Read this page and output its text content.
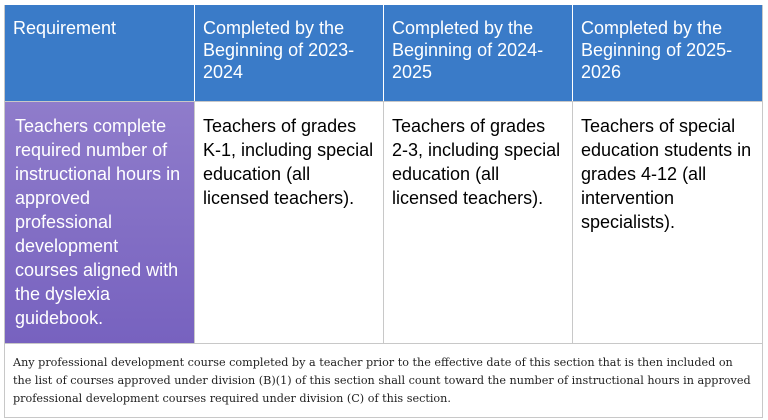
Requirement	Completed by the Beginning of 2023-2024
Completed by the Beginning of 2024-2025
Completed by the Beginning of 2025-2026
Teachers complete required number of instructional hours in approved professional development courses aligned with the dyslexia guidebook.
Teachers of grades K-1, including special education (all licensed teachers).
Teachers of grades 2-3, including special education (all licensed teachers).
Teachers of special education students in grades 4-12 (all intervention specialists).
Any professional development course completed by a teacher prior to the effective date of this section that is then included on the list of courses approved under division (B)(1) of this section shall count toward the number of instructional hours in approved professional development courses required under division (C) of this section.
